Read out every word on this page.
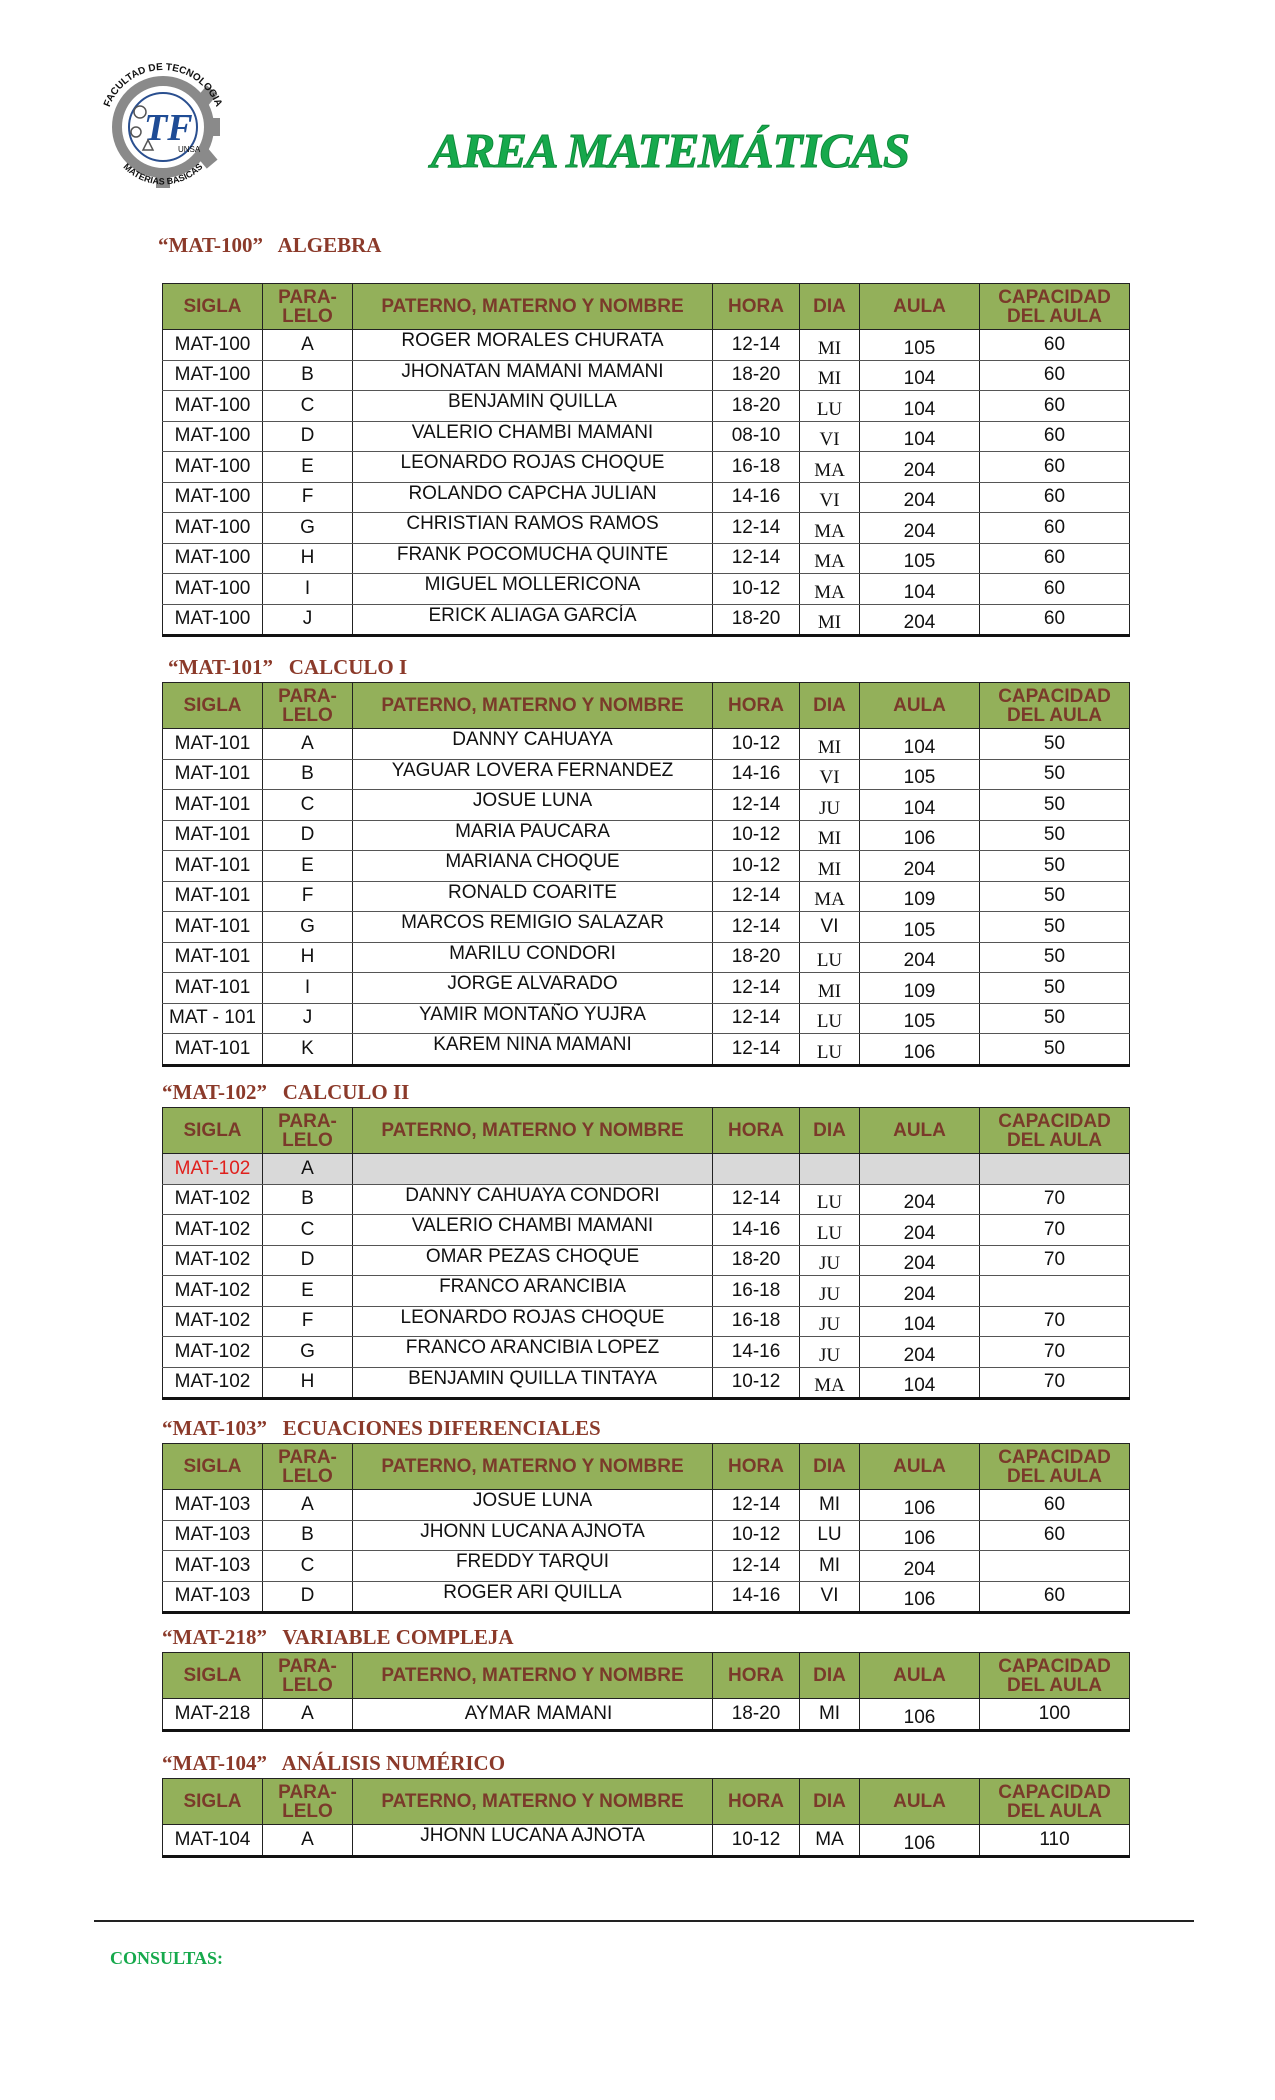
TF
UNSA
FACULTAD DE TECNOLOGIA
MATERIAS BASICAS	AREA MATEMÁTICAS
“MAT-100”   ALGEBRA
“MAT-101”   CALCULO I
“MAT-102”   CALCULO II
“MAT-103”   ECUACIONES DIFERENCIALES
“MAT-218”   VARIABLE COMPLEJA
“MAT-104”   ANÁLISIS NUMÉRICO
SIGLA	PARA-
LELO	PATERNO, MATERNO Y NOMBRE	HORA	DIA	AULA	CAPACIDAD
DEL AULA
MAT-100	A	ROGER MORALES CHURATA	12-14	MI	105	60
MAT-100	B	JHONATAN MAMANI MAMANI	18-20	MI	104	60
MAT-100	C	BENJAMIN QUILLA	18-20	LU	104	60
MAT-100	D	VALERIO CHAMBI MAMANI	08-10	VI	104	60
MAT-100	E	LEONARDO ROJAS CHOQUE	16-18	MA	204	60
MAT-100	F	ROLANDO CAPCHA JULIAN	14-16	VI	204	60
MAT-100	G	CHRISTIAN RAMOS RAMOS	12-14	MA	204	60
MAT-100	H	FRANK POCOMUCHA QUINTE	12-14	MA	105	60
MAT-100	I	MIGUEL MOLLERICONA	10-12	MA	104	60
MAT-100	J	ERICK ALIAGA GARCÍA	18-20	MI	204	60
SIGLA	PARA-
LELO	PATERNO, MATERNO Y NOMBRE	HORA	DIA	AULA	CAPACIDAD
DEL AULA
MAT-101	A	DANNY CAHUAYA	10-12	MI	104	50
MAT-101	B	YAGUAR LOVERA FERNANDEZ	14-16	VI	105	50
MAT-101	C	JOSUE LUNA	12-14	JU	104	50
MAT-101	D	MARIA PAUCARA	10-12	MI	106	50
MAT-101	E	MARIANA CHOQUE	10-12	MI	204	50
MAT-101	F	RONALD COARITE	12-14	MA	109	50
MAT-101	G	MARCOS REMIGIO SALAZAR	12-14	VI	105	50
MAT-101	H	MARILU CONDORI	18-20	LU	204	50
MAT-101	I	JORGE ALVARADO	12-14	MI	109	50
MAT - 101	J	YAMIR MONTAÑO YUJRA	12-14	LU	105	50
MAT-101	K	KAREM NINA MAMANI	12-14	LU	106	50
SIGLA	PARA-
LELO	PATERNO, MATERNO Y NOMBRE	HORA	DIA	AULA	CAPACIDAD
DEL AULA
MAT-102	A					
MAT-102	B	DANNY CAHUAYA CONDORI	12-14	LU	204	70
MAT-102	C	VALERIO CHAMBI MAMANI	14-16	LU	204	70
MAT-102	D	OMAR PEZAS CHOQUE	18-20	JU	204	70
MAT-102	E	FRANCO ARANCIBIA	16-18	JU	204	
MAT-102	F	LEONARDO ROJAS CHOQUE	16-18	JU	104	70
MAT-102	G	FRANCO ARANCIBIA LOPEZ	14-16	JU	204	70
MAT-102	H	BENJAMIN QUILLA TINTAYA	10-12	MA	104	70
SIGLA	PARA-
LELO	PATERNO, MATERNO Y NOMBRE	HORA	DIA	AULA	CAPACIDAD
DEL AULA
MAT-103	A	JOSUE LUNA	12-14	MI	106	60
MAT-103	B	JHONN LUCANA AJNOTA	10-12	LU	106	60
MAT-103	C	FREDDY TARQUI	12-14	MI	204	
MAT-103	D	ROGER ARI QUILLA	14-16	VI	106	60
SIGLA	PARA-
LELO	PATERNO, MATERNO Y NOMBRE	HORA	DIA	AULA	CAPACIDAD
DEL AULA
MAT-218	A	AYMAR MAMANI	18-20	MI	106	100
SIGLA	PARA-
LELO	PATERNO, MATERNO Y NOMBRE	HORA	DIA	AULA	CAPACIDAD
DEL AULA
MAT-104	A	JHONN LUCANA AJNOTA	10-12	MA	106	110
CONSULTAS:
